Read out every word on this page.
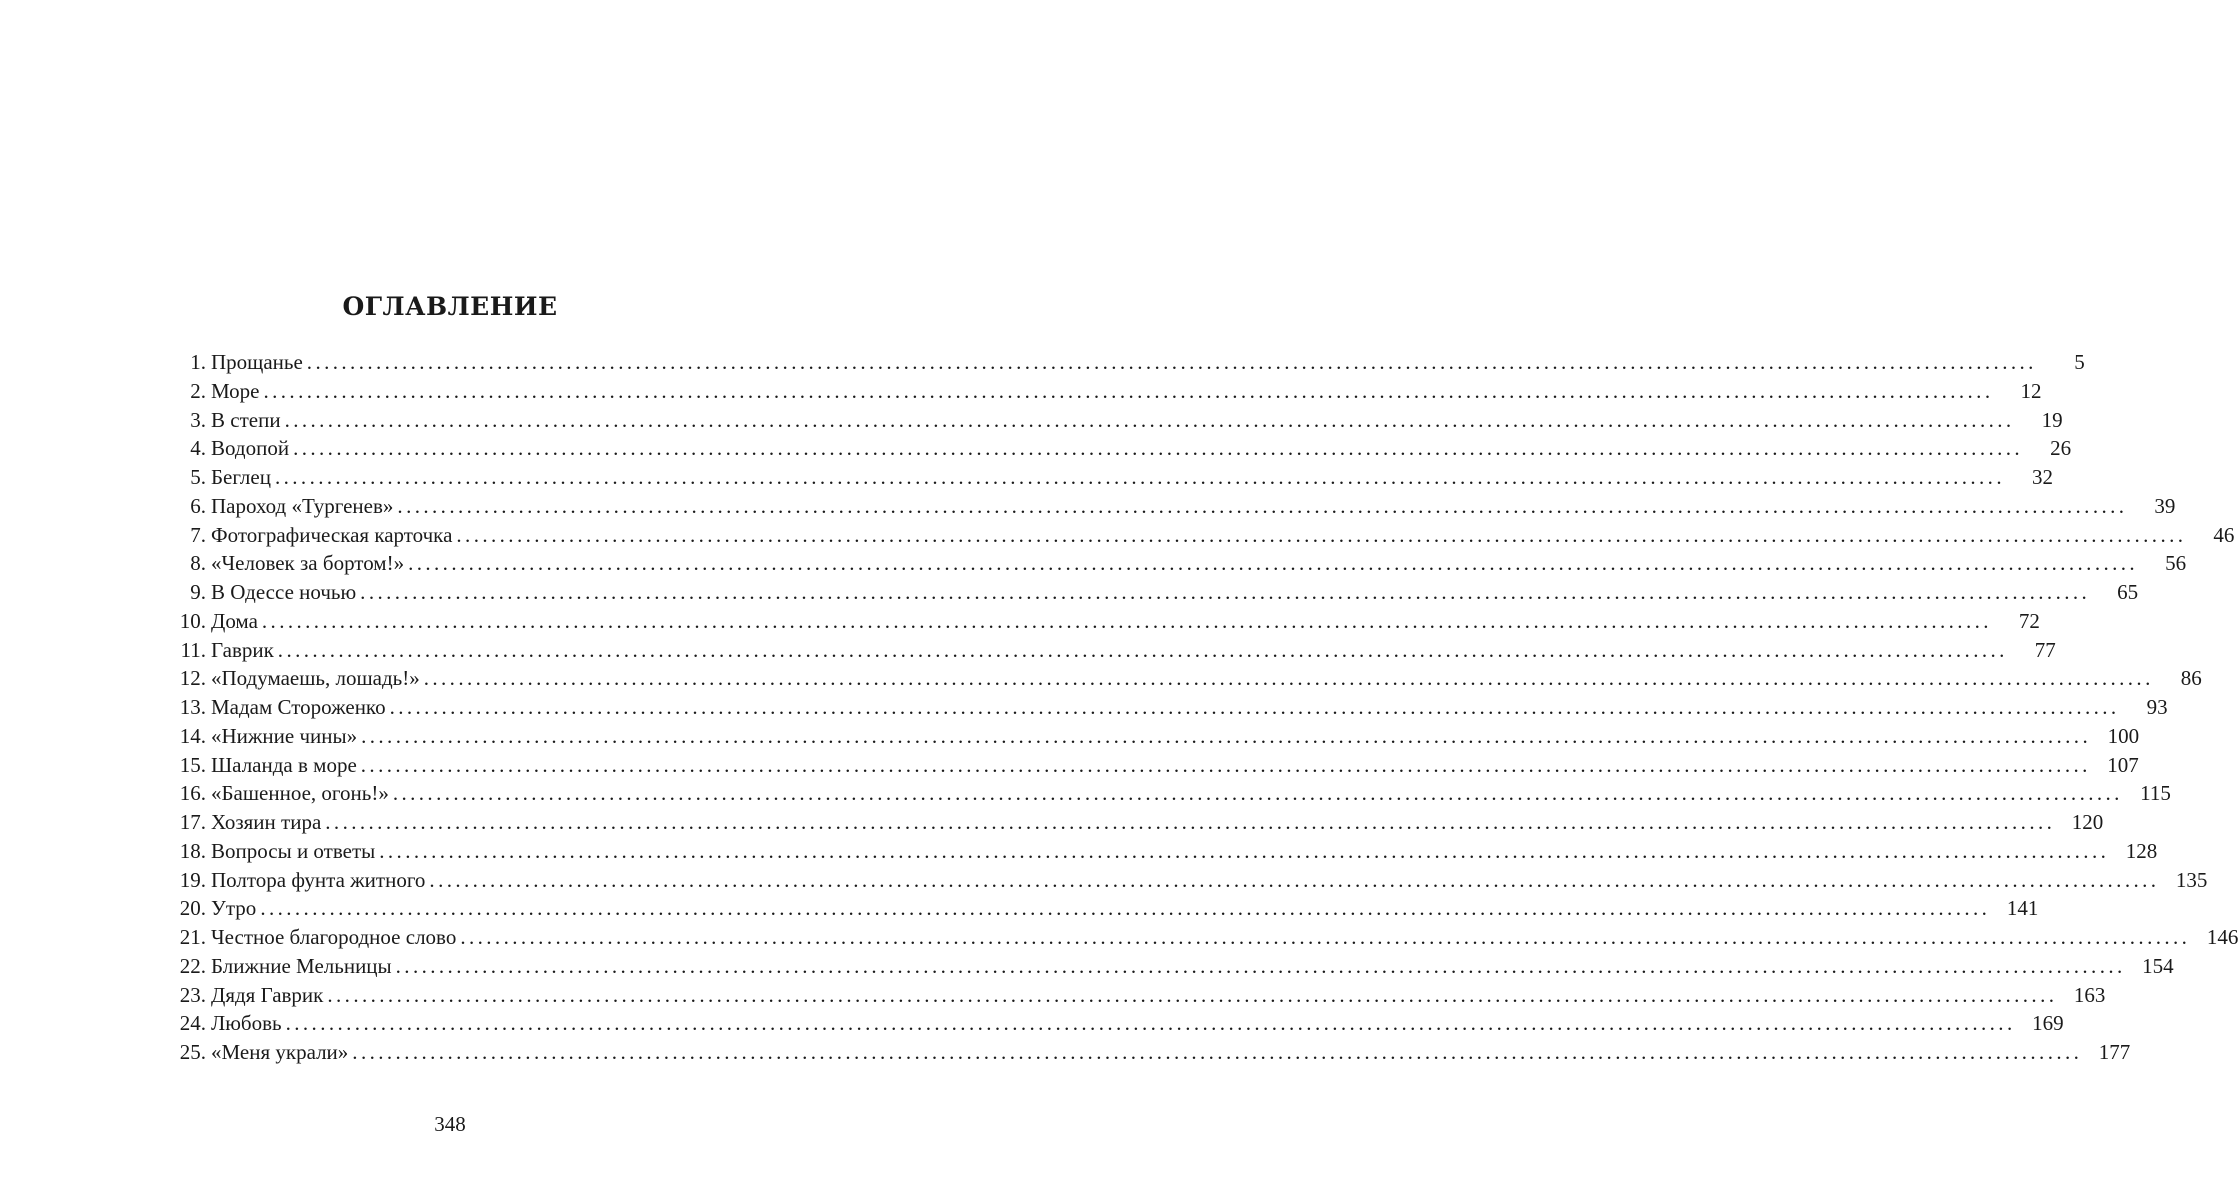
ОГЛАВЛЕНИЕ
1. Прощанье ........................................................................................................................................................................................................	5
2. Море ........................................................................................................................................................................................................	12
3. В степи ........................................................................................................................................................................................................	19
4. Водопой ........................................................................................................................................................................................................	26
5. Беглец ........................................................................................................................................................................................................	32
6. Пароход «Тургенев» ........................................................................................................................................................................................................	39
7. Фотографическая карточка ........................................................................................................................................................................................................	46
8. «Человек за бортом!» ........................................................................................................................................................................................................	56
9. В Одессе ночью ........................................................................................................................................................................................................	65
10. Дома ........................................................................................................................................................................................................	72
11. Гаврик ........................................................................................................................................................................................................	77
12. «Подумаешь, лошадь!» ........................................................................................................................................................................................................	86
13. Мадам Стороженко ........................................................................................................................................................................................................	93
14. «Нижние чины» ........................................................................................................................................................................................................ 100
15. Шаланда в море ........................................................................................................................................................................................................ 107
16. «Башенное, огонь!» ........................................................................................................................................................................................................ 115
17. Хозяин тира ........................................................................................................................................................................................................ 120
18. Вопросы и ответы ........................................................................................................................................................................................................ 128
19. Полтора фунта житного ........................................................................................................................................................................................................ 135
20. Утро ........................................................................................................................................................................................................ 141
21. Честное благородное слово ........................................................................................................................................................................................................ 146
22. Ближние Мельницы ........................................................................................................................................................................................................ 154
23. Дядя Гаврик ........................................................................................................................................................................................................ 163
24. Любовь ........................................................................................................................................................................................................ 169
25. «Меня украли» ........................................................................................................................................................................................................ 177
348
